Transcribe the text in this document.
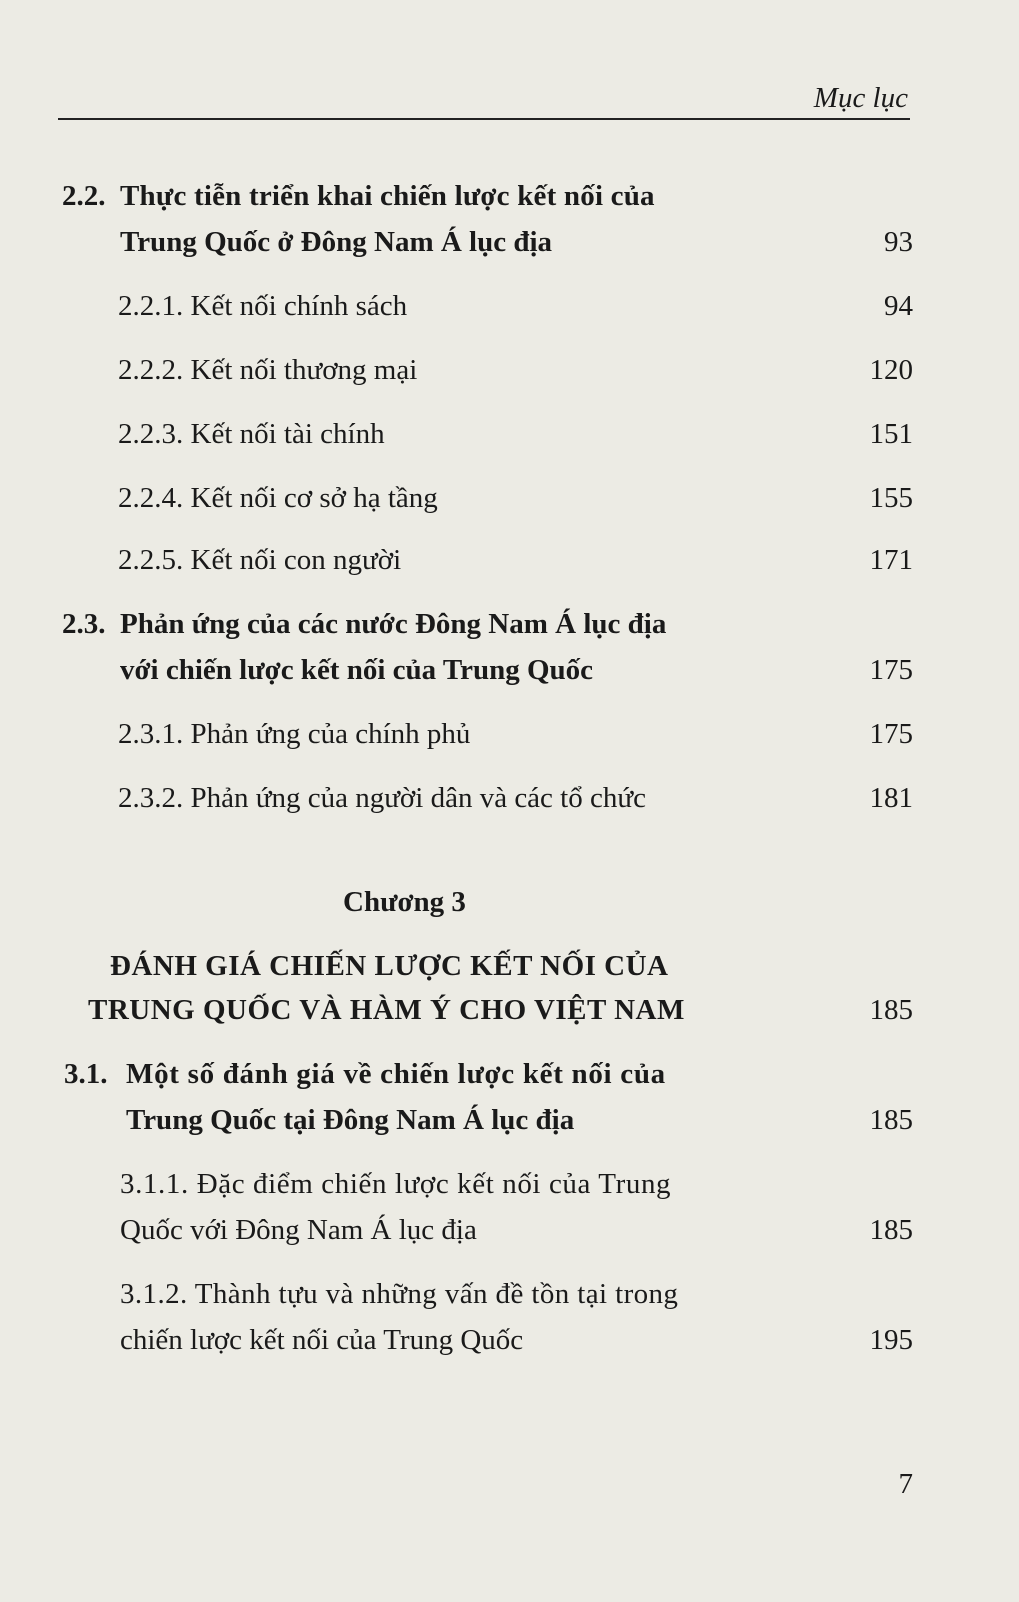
Mục lục
2.2. Thực tiễn triển khai chiến lược kết nối của
Trung Quốc ở Đông Nam Á lục địa	93
2.2.1. Kết nối chính sách	94
2.2.2. Kết nối thương mại	120
2.2.3. Kết nối tài chính	151
2.2.4. Kết nối cơ sở hạ tầng	155
2.2.5. Kết nối con người	171
2.3. Phản ứng của các nước Đông Nam Á lục địa
với chiến lược kết nối của Trung Quốc	175
2.3.1. Phản ứng của chính phủ	175
2.3.2. Phản ứng của người dân và các tổ chức	181
Chương 3
ĐÁNH GIÁ CHIẾN LƯỢC KẾT NỐI CỦA
TRUNG QUỐC VÀ HÀM Ý CHO VIỆT NAM	185
3.1. Một số đánh giá về chiến lược kết nối của
Trung Quốc tại Đông Nam Á lục địa	185
3.1.1. Đặc điểm chiến lược kết nối của Trung
Quốc với Đông Nam Á lục địa	185
3.1.2. Thành tựu và những vấn đề tồn tại trong
chiến lược kết nối của Trung Quốc	195
7
